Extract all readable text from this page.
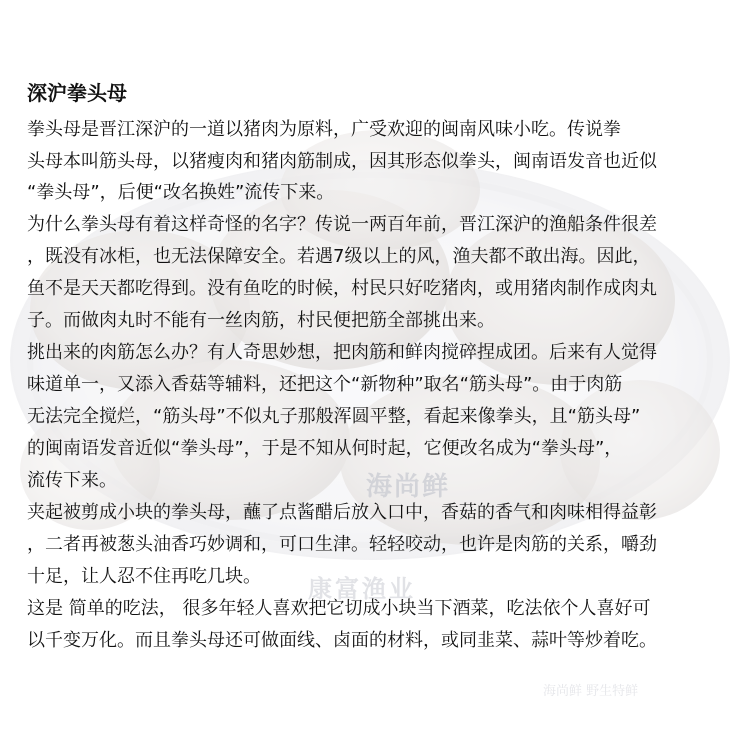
海尚鲜
康富渔业
海尚鲜 野生特鲜
深沪拳头母
拳头母是晋江深沪的一道以猪肉为原料，广受欢迎的闽南风味小吃。传说拳
头母本叫筋头母，以猪瘦肉和猪肉筋制成，因其形态似拳头，闽南语发音也近似
“拳头母”，后便“改名换姓”流传下来。
为什么拳头母有着这样奇怪的名字？传说一两百年前，晋江深沪的渔船条件很差
，既没有冰柜，也无法保障安全。若遇7级以上的风，渔夫都不敢出海。因此，
鱼不是天天都吃得到。没有鱼吃的时候，村民只好吃猪肉，或用猪肉制作成肉丸
子。而做肉丸时不能有一丝肉筋，村民便把筋全部挑出来。
挑出来的肉筋怎么办？有人奇思妙想，把肉筋和鲜肉搅碎捏成团。后来有人觉得
味道单一，又添入香菇等辅料，还把这个“新物种”取名“筋头母”。由于肉筋
无法完全搅烂，“筋头母”不似丸子那般浑圆平整，看起来像拳头，且“筋头母”
的闽南语发音近似“拳头母”，于是不知从何时起，它便改名成为“拳头母”，
流传下来。
夹起被剪成小块的拳头母，蘸了点酱醋后放入口中，香菇的香气和肉味相得益彰
，二者再被葱头油香巧妙调和，可口生津。轻轻咬动，也许是肉筋的关系，嚼劲
十足，让人忍不住再吃几块。
这是 简单的吃法， 很多年轻人喜欢把它切成小块当下酒菜，吃法依个人喜好可
以千变万化。而且拳头母还可做面线、卤面的材料，或同韭菜、蒜叶等炒着吃。
